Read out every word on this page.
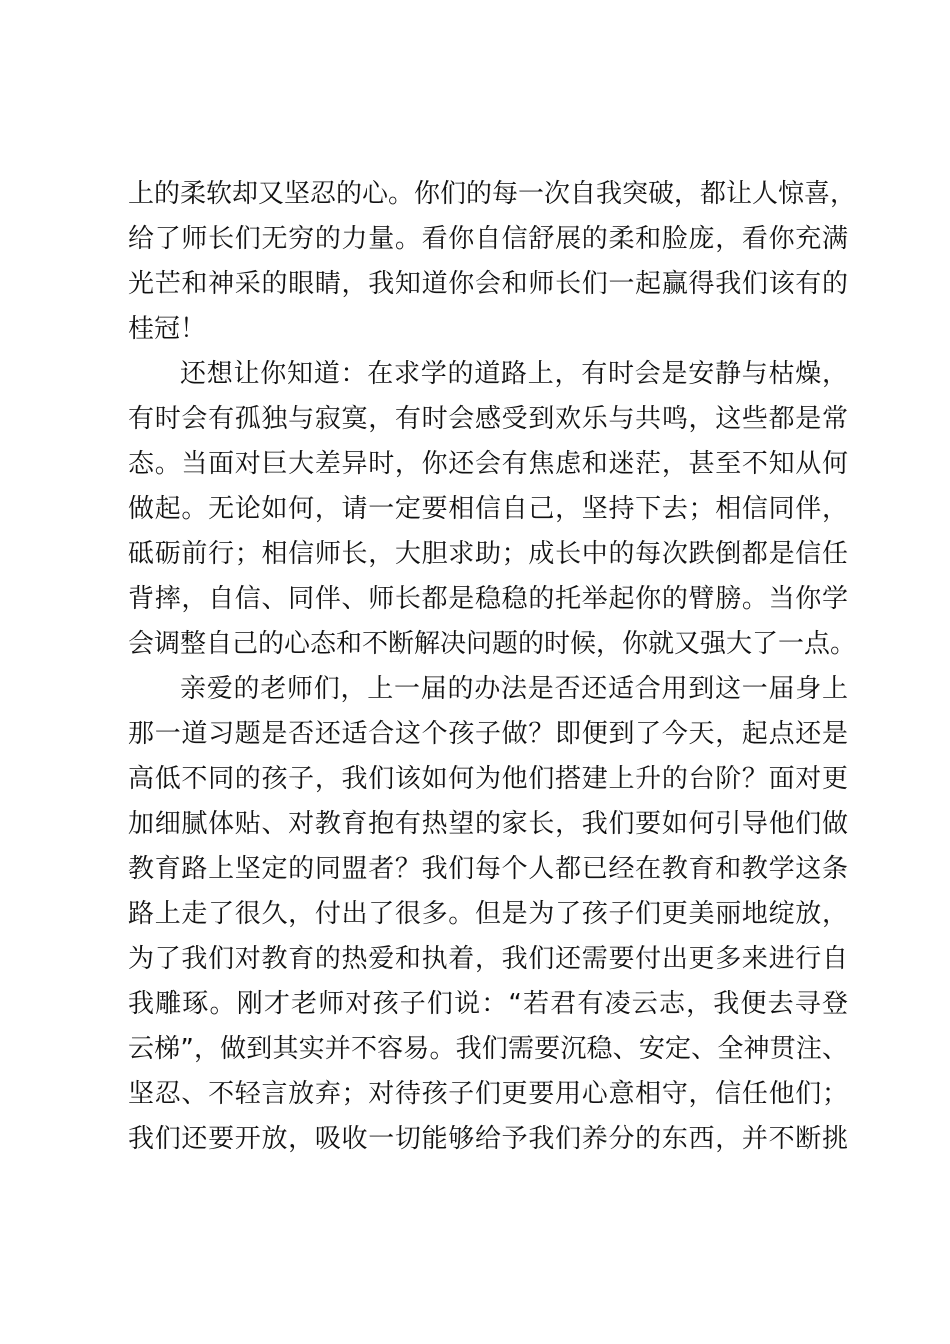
上的柔软却又坚忍的心。你们的每一次自我突破，都让人惊喜，
给了师长们无穷的力量。看你自信舒展的柔和脸庞，看你充满
光芒和神采的眼睛，我知道你会和师长们一起赢得我们该有的
桂冠！
还想让你知道：在求学的道路上，有时会是安静与枯燥，
有时会有孤独与寂寞，有时会感受到欢乐与共鸣，这些都是常
态。当面对巨大差异时，你还会有焦虑和迷茫，甚至不知从何
做起。无论如何，请一定要相信自己，坚持下去；相信同伴，
砥砺前行；相信师长，大胆求助；成长中的每次跌倒都是信任
背摔，自信、同伴、师长都是稳稳的托举起你的臂膀。当你学
会调整自己的心态和不断解决问题的时候，你就又强大了一点。
亲爱的老师们，上一届的办法是否还适合用到这一届身上
那一道习题是否还适合这个孩子做？即便到了今天，起点还是
高低不同的孩子，我们该如何为他们搭建上升的台阶？面对更
加细腻体贴、对教育抱有热望的家长，我们要如何引导他们做
教育路上坚定的同盟者？我们每个人都已经在教育和教学这条
路上走了很久，付出了很多。但是为了孩子们更美丽地绽放，
为了我们对教育的热爱和执着，我们还需要付出更多来进行自
我雕琢。刚才老师对孩子们说：“若君有凌云志，我便去寻登
云梯”，做到其实并不容易。我们需要沉稳、安定、全神贯注、
坚忍、不轻言放弃；对待孩子们更要用心意相守，信任他们；
我们还要开放，吸收一切能够给予我们养分的东西，并不断挑
